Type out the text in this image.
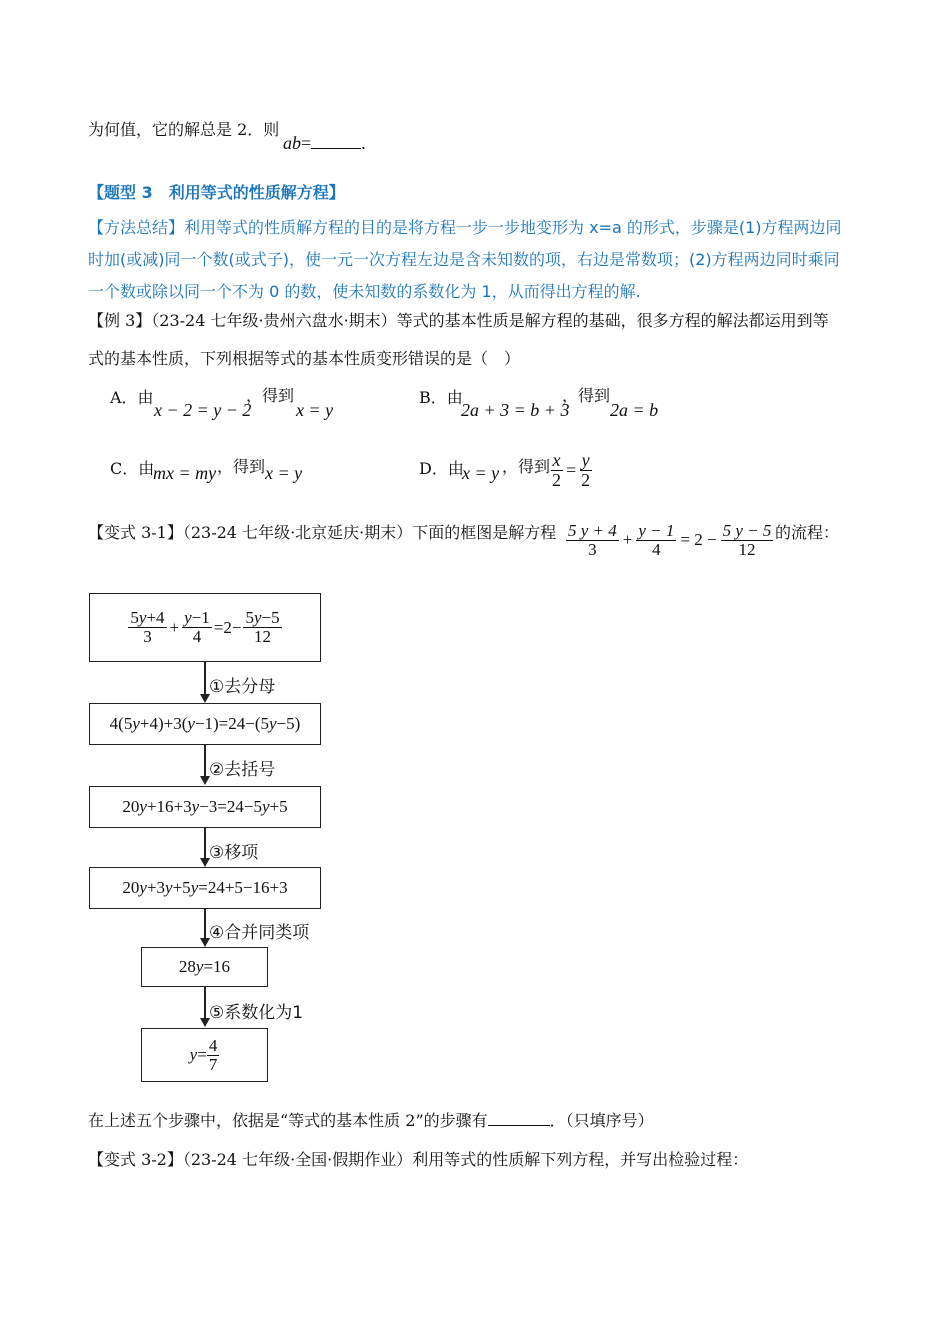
为何值，它的解总是 2．则
ab=	.
【题型 3　利用等式的性质解方程】
【方法总结】利用等式的性质解方程的目的是将方程一步一步地变形为 x=a 的形式，步骤是(1)方程两边同
时加(或减)同一个数(或式子)，使一元一次方程左边是含未知数的项，右边是常数项；(2)方程两边同时乘同
一个数或除以同一个不为 0 的数，使未知数的系数化为 1，从而得出方程的解.
【例 3】（23-24 七年级·贵州六盘水·期末）等式的基本性质是解方程的基础，很多方程的解法都运用到等
式的基本性质，下列根据等式的基本性质变形错误的是（　）
A．由
x − 2 = y − 2
，得到
x = y
B．由
2a + 3 = b + 3
，得到
2a = b
C．由
mx = my ，得到 x = y	D．由
x = y ，得到 $\frac{x}{2} = \frac{y}{2}$
【变式 3-1】（23-24 七年级·北京延庆·期末）下面的框图是解方程 $\frac{5 y + 4}{3} + \frac{y - 1}{4} = 2 - \frac{5 y - 5}{12}$ 的流程：
$\frac{5y+4}{3} + \frac{y-1}{4} =2- \frac{5y-5}{12}$
①去分母
4(5 y +4)+3( y −1)=24−(5 y −5)
②去括号
20 y +16+3 y −3=24−5 y +5
③移项
20 y +3 y +5 y =24+5−16+3
④合并同类项
28 y =16
⑤系数化为1
$y= \frac{4}{7}$
在上述五个步骤中，依据是“等式的基本性质 2”的步骤有	．（只填序号）
【变式 3-2】（23-24 七年级·全国·假期作业）利用等式的性质解下列方程，并写出检验过程：
